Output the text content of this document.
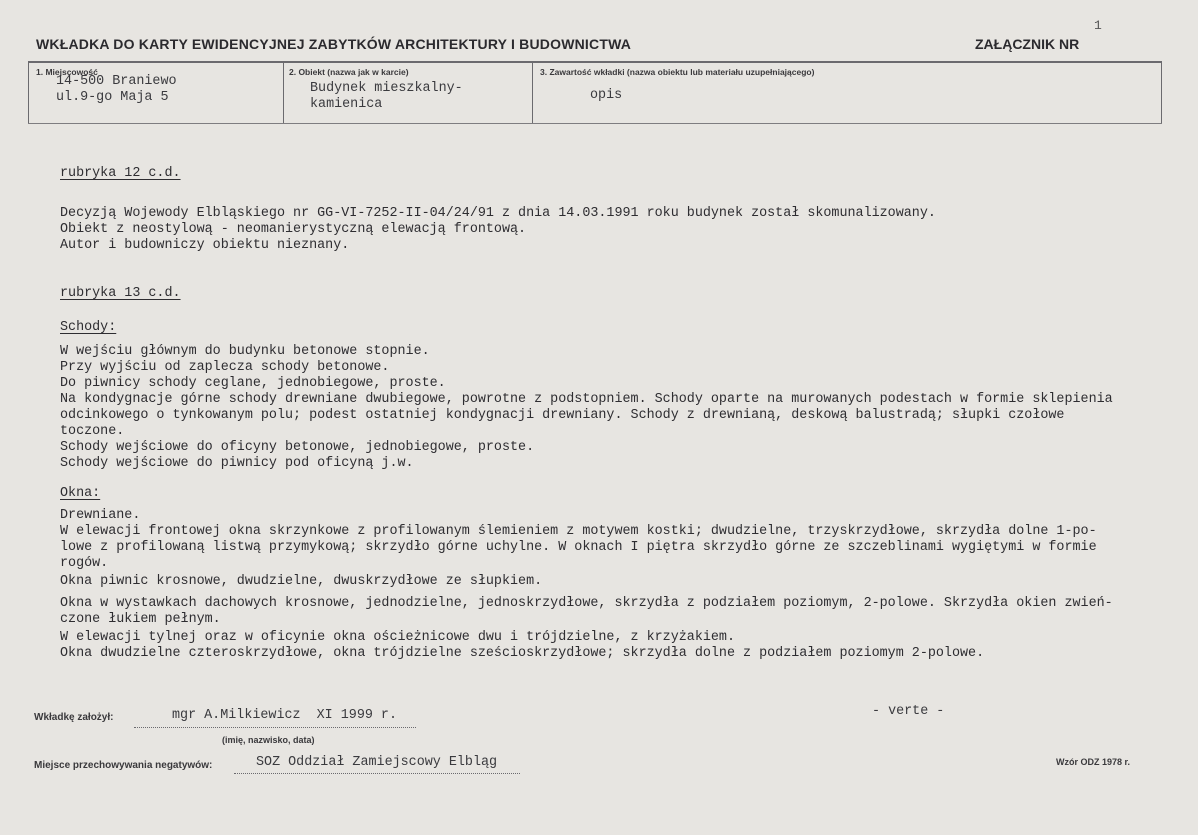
1
WKŁADKA DO KARTY EWIDENCYJNEJ ZABYTKÓW ARCHITEKTURY I BUDOWNICTWA	ZAŁĄCZNIK NR
1. Miejscowość
14-500 Braniewo
ul.9-go Maja 5
2. Obiekt (nazwa jak w karcie)
Budynek mieszkalny-
kamienica
3. Zawartość wkładki (nazwa obiektu lub materiału uzupełniającego)
opis
rubryka 12 c.d.
Decyzją Wojewody Elbląskiego nr GG-VI-7252-II-04/24/91 z dnia 14.03.1991 roku budynek został skomunalizowany.
Obiekt z neostylową - neomanierystyczną elewacją frontową.
Autor i budowniczy obiektu nieznany.
rubryka 13 c.d.
Schody:
W wejściu głównym do budynku betonowe stopnie.
Przy wyjściu od zaplecza schody betonowe.
Do piwnicy schody ceglane, jednobiegowe, proste.
Na kondygnacje górne schody drewniane dwubiegowe, powrotne z podstopniem. Schody oparte na murowanych podestach w formie sklepienia
odcinkowego o tynkowanym polu; podest ostatniej kondygnacji drewniany. Schody z drewnianą, deskową balustradą; słupki czołowe
toczone.
Schody wejściowe do oficyny betonowe, jednobiegowe, proste.
Schody wejściowe do piwnicy pod oficyną j.w.
Okna:
Drewniane.
W elewacji frontowej okna skrzynkowe z profilowanym ślemieniem z motywem kostki; dwudzielne, trzyskrzydłowe, skrzydła dolne 1-po-
lowe z profilowaną listwą przymykową; skrzydło górne uchylne. W oknach I piętra skrzydło górne ze szczeblinami wygiętymi w formie
rogów.
Okna piwnic krosnowe, dwudzielne, dwuskrzydłowe ze słupkiem.
Okna w wystawkach dachowych krosnowe, jednodzielne, jednoskrzydłowe, skrzydła z podziałem poziomym, 2-polowe. Skrzydła okien zwień-
czone łukiem pełnym.
W elewacji tylnej oraz w oficynie okna ościeżnicowe dwu i trójdzielne, z krzyżakiem.
Okna dwudzielne czteroskrzydłowe, okna trójdzielne sześcioskrzydłowe; skrzydła dolne z podziałem poziomym 2-polowe.
Wkładkę założył:	mgr A.Milkiewicz  XI 1999 r.
(imię, nazwisko, data)
- verte -
Miejsce przechowywania negatywów:	SOZ Oddział Zamiejscowy Elbląg	Wzór ODZ 1978 r.
